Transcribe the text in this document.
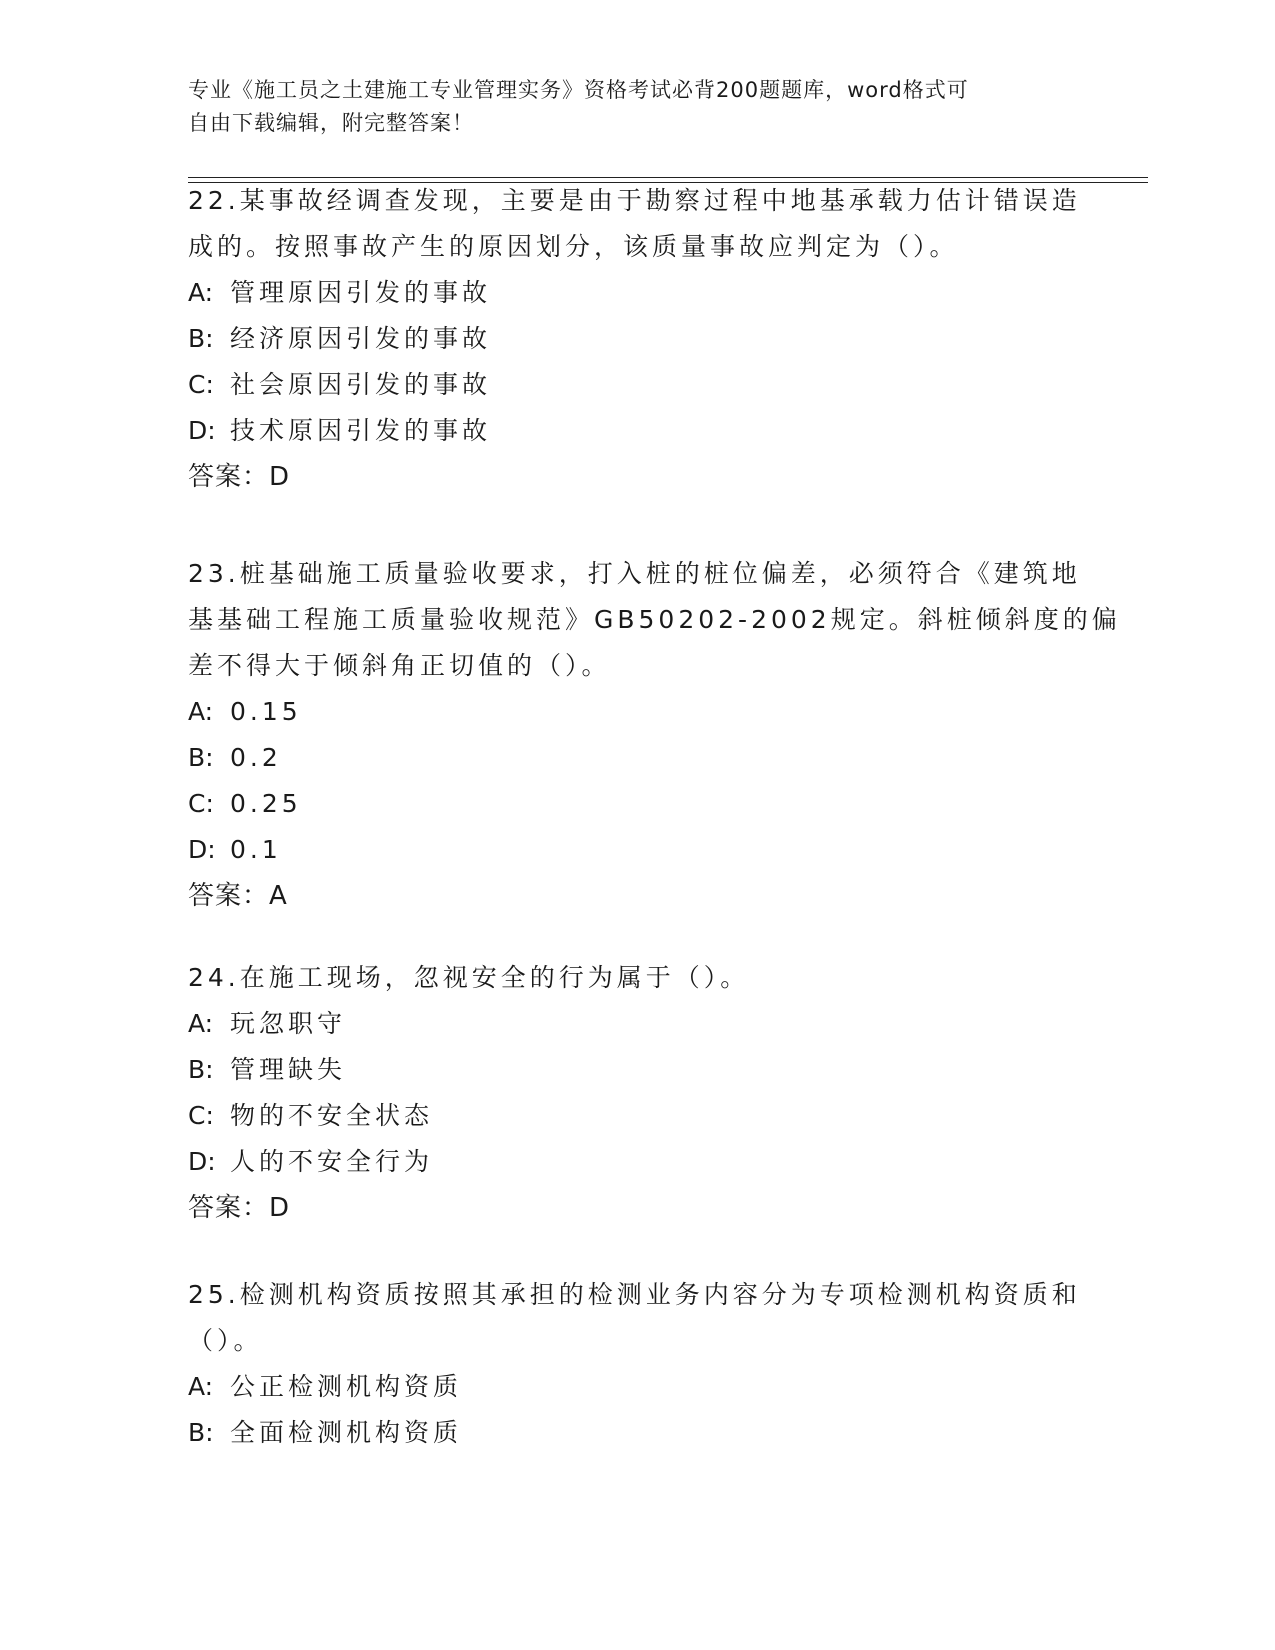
专业《施工员之土建施工专业管理实务》资格考试必背200题题库，word格式可
自由下载编辑，附完整答案！
22.某事故经调查发现，主要是由于勘察过程中地基承载力估计错误造
成的。按照事故产生的原因划分，该质量事故应判定为（）。
A: 管理原因引发的事故
B: 经济原因引发的事故
C: 社会原因引发的事故
D: 技术原因引发的事故
答案：D
23.桩基础施工质量验收要求，打入桩的桩位偏差，必须符合《建筑地
基基础工程施工质量验收规范》GB50202-2002规定。斜桩倾斜度的偏
差不得大于倾斜角正切值的（）。
A: 0.15
B: 0.2
C: 0.25
D: 0.1
答案：A
24.在施工现场，忽视安全的行为属于（）。
A: 玩忽职守
B: 管理缺失
C: 物的不安全状态
D: 人的不安全行为
答案：D
25.检测机构资质按照其承担的检测业务内容分为专项检测机构资质和
（）。
A: 公正检测机构资质
B: 全面检测机构资质
